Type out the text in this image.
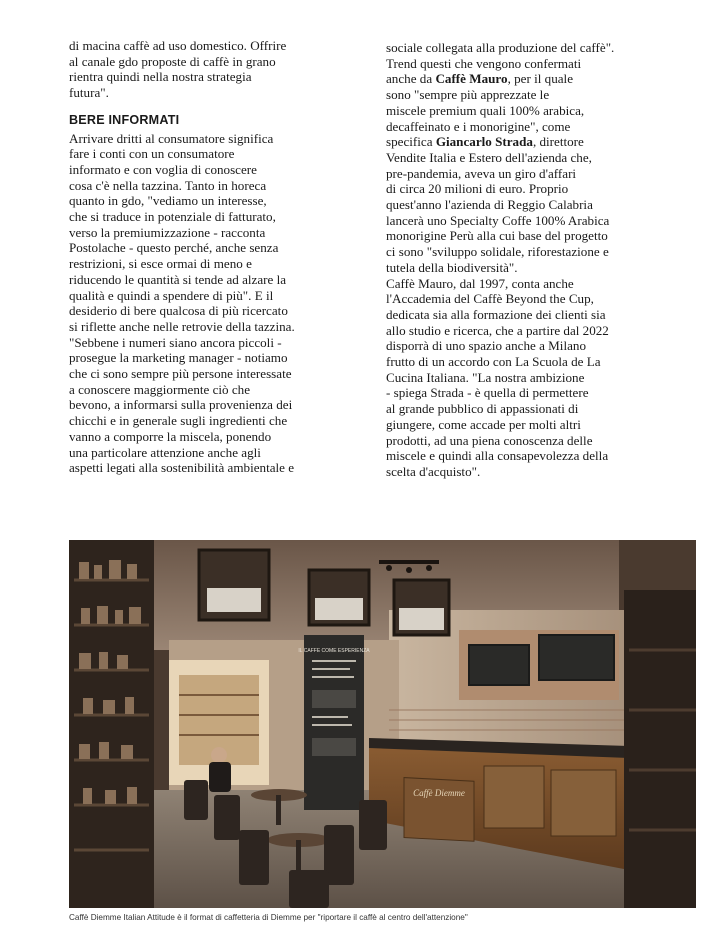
di macina caffè ad uso domestico. Offrire
al canale gdo proposte di caffè in grano
rientra quindi nella nostra strategia
futura".
BERE INFORMATI
Arrivare dritti al consumatore significa
fare i conti con un consumatore
informato e con voglia di conoscere
cosa c'è nella tazzina. Tanto in horeca
quanto in gdo, "vediamo un interesse,
che si traduce in potenziale di fatturato,
verso la premiumizzazione - racconta
Postolache - questo perché, anche senza
restrizioni, si esce ormai di meno e
riducendo le quantità si tende ad alzare la
qualità e quindi a spendere di più". E il
desiderio di bere qualcosa di più ricercato
si riflette anche nelle retrovie della tazzina.
"Sebbene i numeri siano ancora piccoli -
prosegue la marketing manager - notiamo
che ci sono sempre più persone interessate
a conoscere maggiormente ciò che
bevono, a informarsi sulla provenienza dei
chicchi e in generale sugli ingredienti che
vanno a comporre la miscela, ponendo
una particolare attenzione anche agli
aspetti legati alla sostenibilità ambientale e
sociale collegata alla produzione del caffè".
Trend questi che vengono confermati
anche da Caffè Mauro, per il quale
sono "sempre più apprezzate le
miscele premium quali 100% arabica,
decaffeinato e i monorigine", come
specifica Giancarlo Strada, direttore
Vendite Italia e Estero dell'azienda che,
pre-pandemia, aveva un giro d'affari
di circa 20 milioni di euro. Proprio
quest'anno l'azienda di Reggio Calabria
lancerà uno Specialty Coffe 100% Arabica
monorigine Perù alla cui base del progetto
ci sono "sviluppo solidale, riforestazione e
tutela della biodiversità".
Caffè Mauro, dal 1997, conta anche
l'Accademia del Caffè Beyond the Cup,
dedicata sia alla formazione dei clienti sia
allo studio e ricerca, che a partire dal 2022
disporrà di uno spazio anche a Milano
frutto di un accordo con La Scuola de La
Cucina Italiana. "La nostra ambizione
- spiega Strada - è quella di permettere
al grande pubblico di appassionati di
giungere, come accade per molti altri
prodotti, ad una piena conoscenza delle
miscele e quindi alla consapevolezza della
scelta d'acquisto".
IL CAFFE COME ESPERIENZA
Caffè Diemme
Caffè Diemme Italian Attitude è il format di caffetteria di Diemme per "riportare il caffè al centro dell'attenzione"
